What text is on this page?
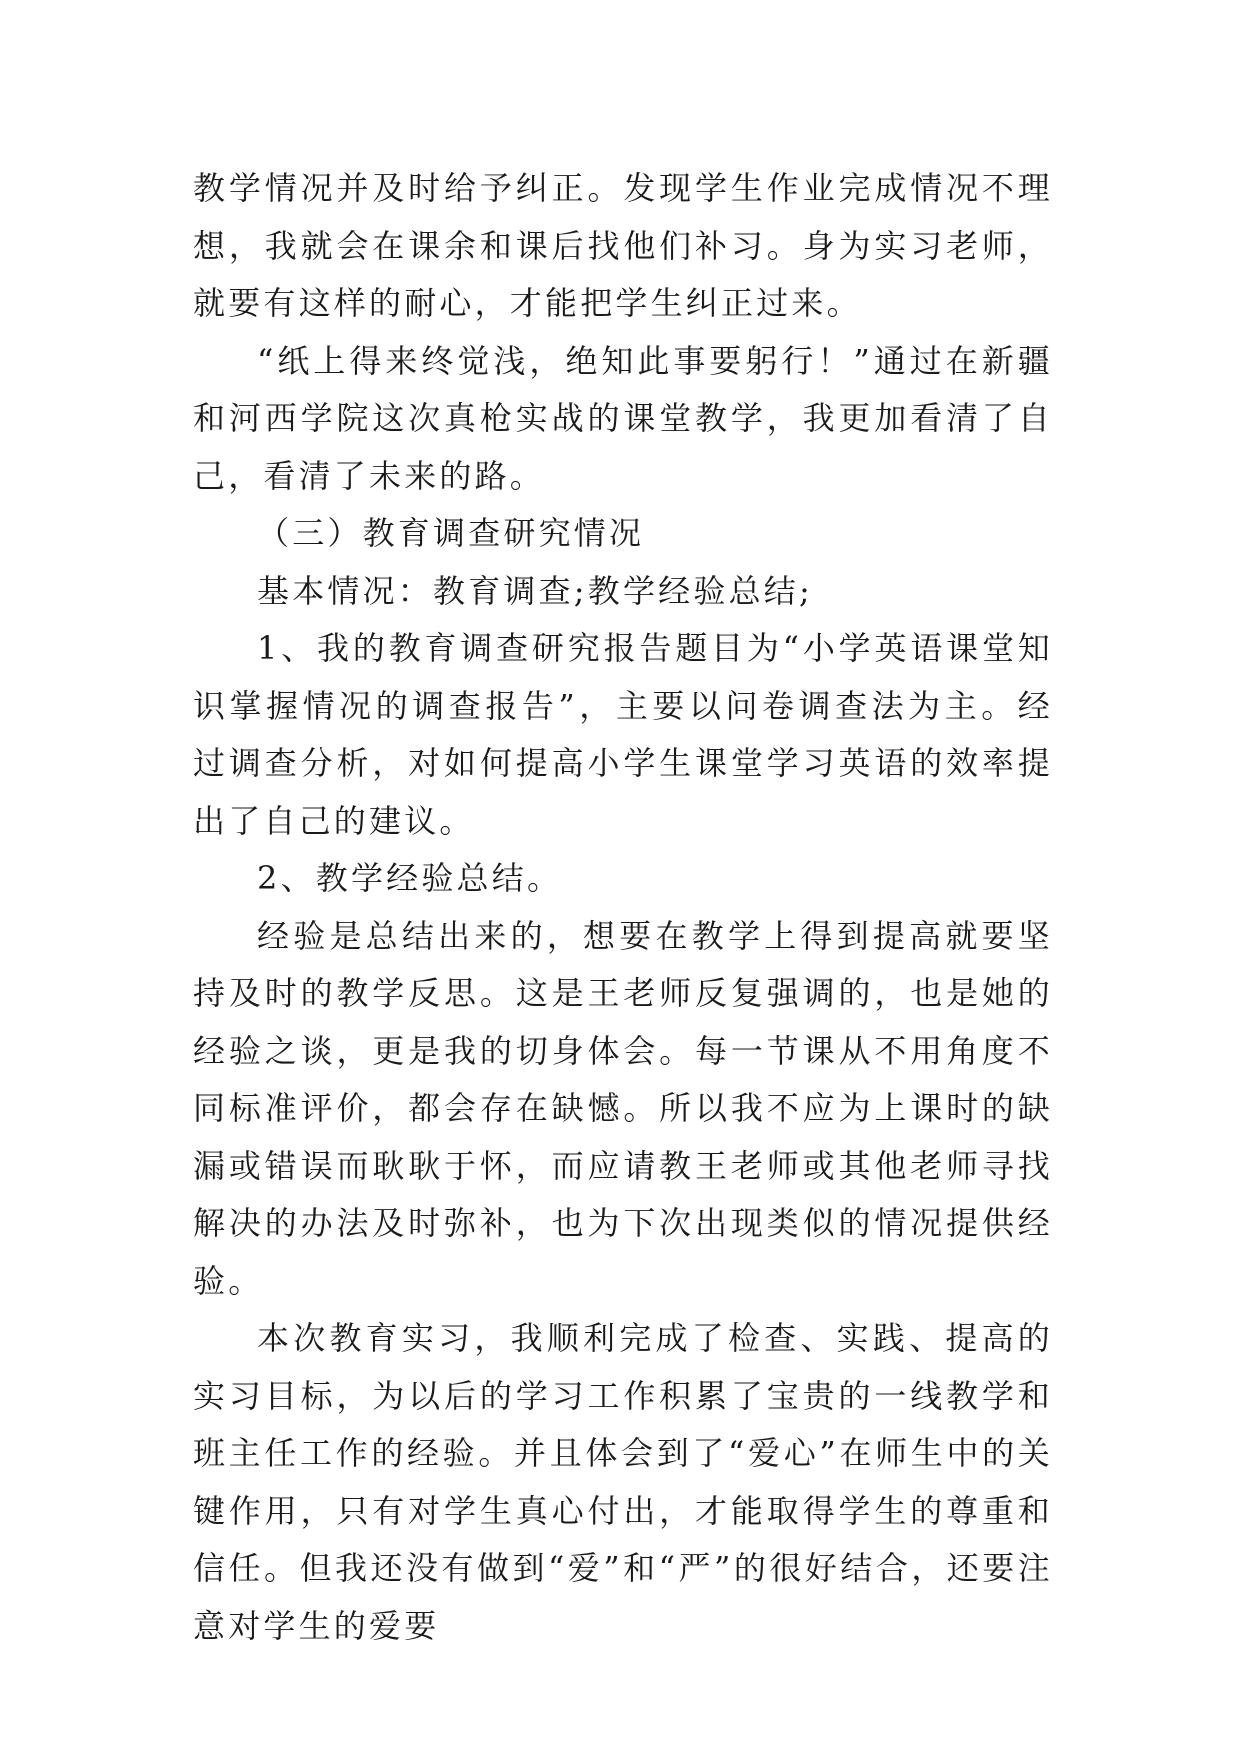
教学情况并及时给予纠正。发现学生作业完成情况不理想，我就会在课余和课后找他们补习。身为实习老师，就要有这样的耐心，才能把学生纠正过来。

“纸上得来终觉浅，绝知此事要躬行！”通过在新疆和河西学院这次真枪实战的课堂教学，我更加看清了自己，看清了未来的路。

（三）教育调查研究情况

基本情况：教育调查;教学经验总结;

1、我的教育调查研究报告题目为“小学英语课堂知识掌握情况的调查报告”，主要以问卷调查法为主。经过调查分析，对如何提高小学生课堂学习英语的效率提出了自己的建议。

2、教学经验总结。

经验是总结出来的，想要在教学上得到提高就要坚持及时的教学反思。这是王老师反复强调的，也是她的经验之谈，更是我的切身体会。每一节课从不用角度不同标准评价，都会存在缺憾。所以我不应为上课时的缺漏或错误而耿耿于怀，而应请教王老师或其他老师寻找解决的办法及时弥补，也为下次出现类似的情况提供经验。

本次教育实习，我顺利完成了检查、实践、提高的实习目标，为以后的学习工作积累了宝贵的一线教学和班主任工作的经验。并且体会到了“爱心”在师生中的关键作用，只有对学生真心付出，才能取得学生的尊重和信任。但我还没有做到“爱”和“严”的很好结合，还要注意对学生的爱要
